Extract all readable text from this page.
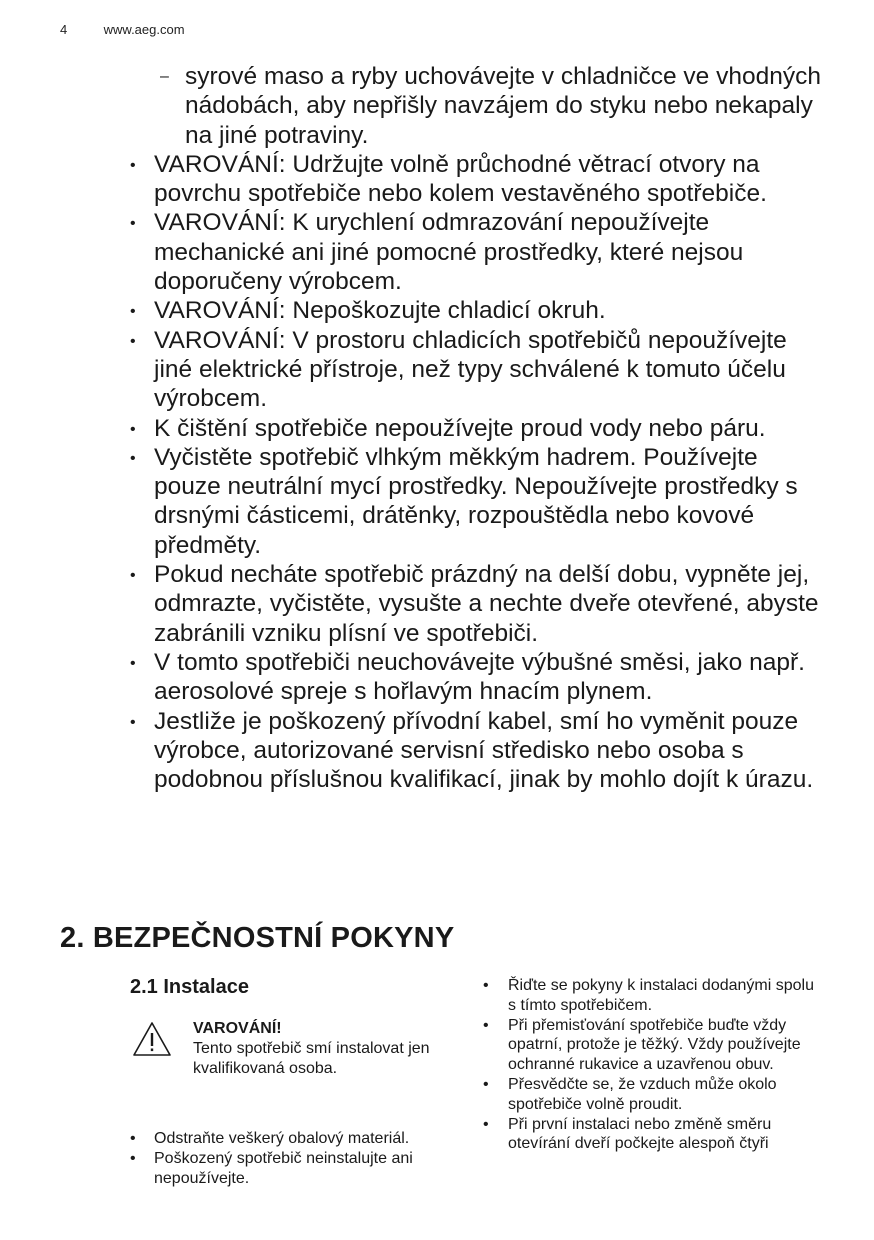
4	www.aeg.com
– syrové maso a ryby uchovávejte v chladničce ve vhodných nádobách, aby nepřišly navzájem do styku nebo nekapaly na jiné potraviny.
• VAROVÁNÍ: Udržujte volně průchodné větrací otvory na povrchu spotřebiče nebo kolem vestavěného spotřebiče.
• VAROVÁNÍ: K urychlení odmrazování nepoužívejte mechanické ani jiné pomocné prostředky, které nejsou doporučeny výrobcem.
• VAROVÁNÍ: Nepoškozujte chladicí okruh.
• VAROVÁNÍ: V prostoru chladicích spotřebičů nepoužívejte jiné elektrické přístroje, než typy schválené k tomuto účelu výrobcem.
• K čištění spotřebiče nepoužívejte proud vody nebo páru.
• Vyčistěte spotřebič vlhkým měkkým hadrem. Používejte pouze neutrální mycí prostředky. Nepoužívejte prostředky s drsnými částicemi, drátěnky, rozpouštědla nebo kovové předměty.
• Pokud necháte spotřebič prázdný na delší dobu, vypněte jej, odmrazte, vyčistěte, vysušte a nechte dveře otevřené, abyste zabránili vzniku plísní ve spotřebiči.
• V tomto spotřebiči neuchovávejte výbušné směsi, jako např. aerosolové spreje s hořlavým hnacím plynem.
• Jestliže je poškozený přívodní kabel, smí ho vyměnit pouze výrobce, autorizované servisní středisko nebo osoba s podobnou příslušnou kvalifikací, jinak by mohlo dojít k úrazu.
2. BEZPEČNOSTNÍ POKYNY
2.1 Instalace
VAROVÁNÍ!
Tento spotřebič smí instalovat jen kvalifikovaná osoba.
• Odstraňte veškerý obalový materiál.
• Poškozený spotřebič neinstalujte ani nepoužívejte.
• Řiďte se pokyny k instalaci dodanými spolu s tímto spotřebičem.
• Při přemisťování spotřebiče buďte vždy opatrní, protože je těžký. Vždy používejte ochranné rukavice a uzavřenou obuv.
• Přesvědčte se, že vzduch může okolo spotřebiče volně proudit.
• Při první instalaci nebo změně směru otevírání dveří počkejte alespoň čtyři
